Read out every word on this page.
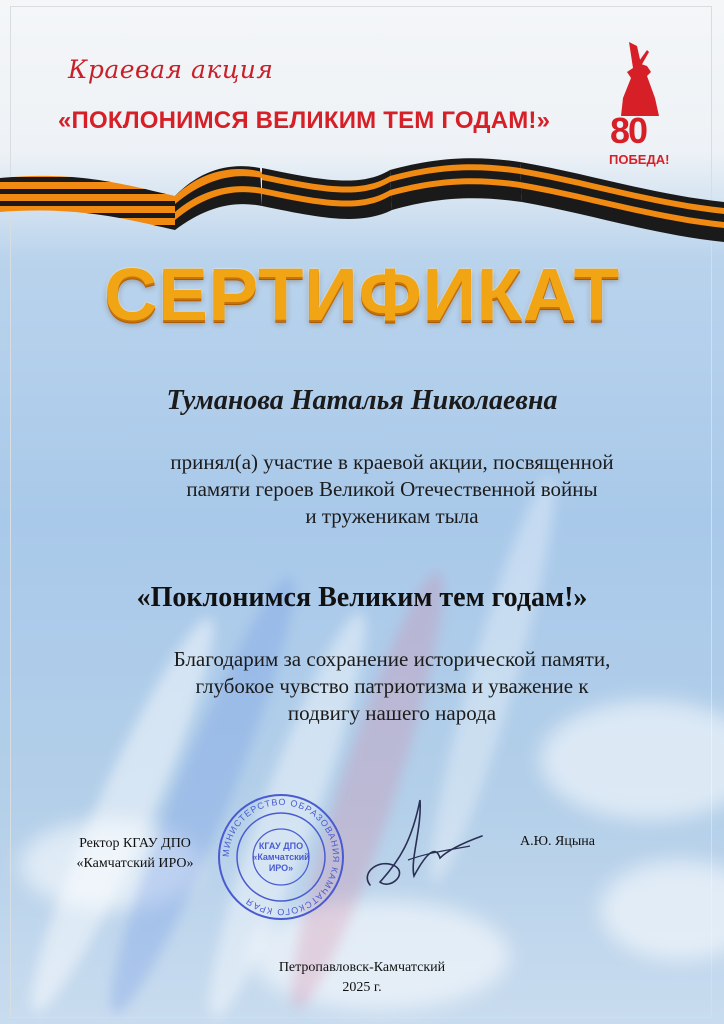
Краевая акция
«ПОКЛОНИМСЯ ВЕЛИКИМ ТЕМ ГОДАМ!» 80
ПОБЕДА!
СЕРТИФИКАТ
Туманова Наталья Николаевна
принял(а) участие в краевой акции, посвященной
памяти героев Великой Отечественной войны
и труженикам тыла
«Поклонимся Великим тем годам!»
Благодарим за сохранение исторической памяти,
глубокое чувство патриотизма и уважение к
подвигу нашего народа
Ректор КГАУ ДПО
«Камчатский ИРО»
МИНИСТЕРСТВО ОБРАЗОВАНИЯ КАМЧАТСКОГО КРАЯ
КГАУ ДПО
«Камчатский
ИРО»
А.Ю. Яцына
Петропавловск-Камчатский
2025 г.
